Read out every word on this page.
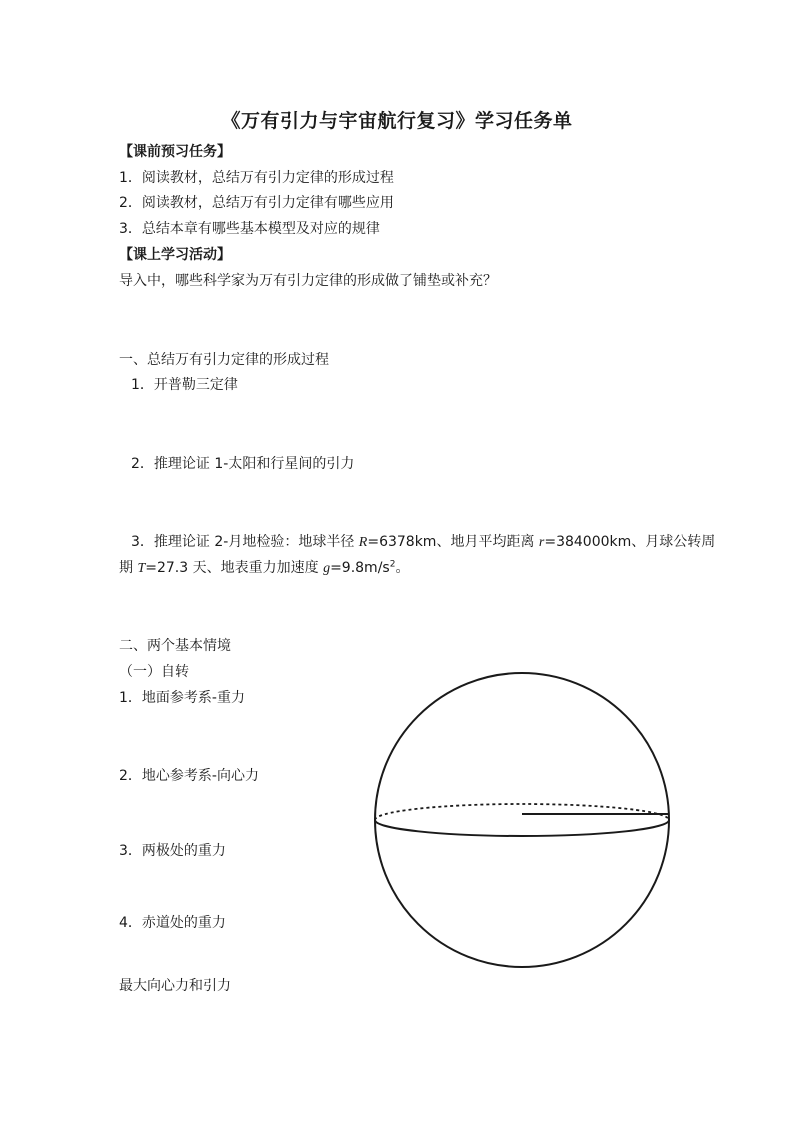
《万有引力与宇宙航行复习》学习任务单
【课前预习任务】
1．阅读教材，总结万有引力定律的形成过程
2．阅读教材，总结万有引力定律有哪些应用
3．总结本章有哪些基本模型及对应的规律
【课上学习活动】
导入中，哪些科学家为万有引力定律的形成做了铺垫或补充？
一、总结万有引力定律的形成过程
1．开普勒三定律
2．推理论证 1-太阳和行星间的引力
3．推理论证 2-月地检验：地球半径 R=6378km、地月平均距离 r=384000km、月球公转周
期 T=27.3 天、地表重力加速度 $g=9.8m/s^2$。
二、两个基本情境
（一）自转
1．地面参考系-重力
2．地心参考系-向心力
3．两极处的重力
4．赤道处的重力
最大向心力和引力
